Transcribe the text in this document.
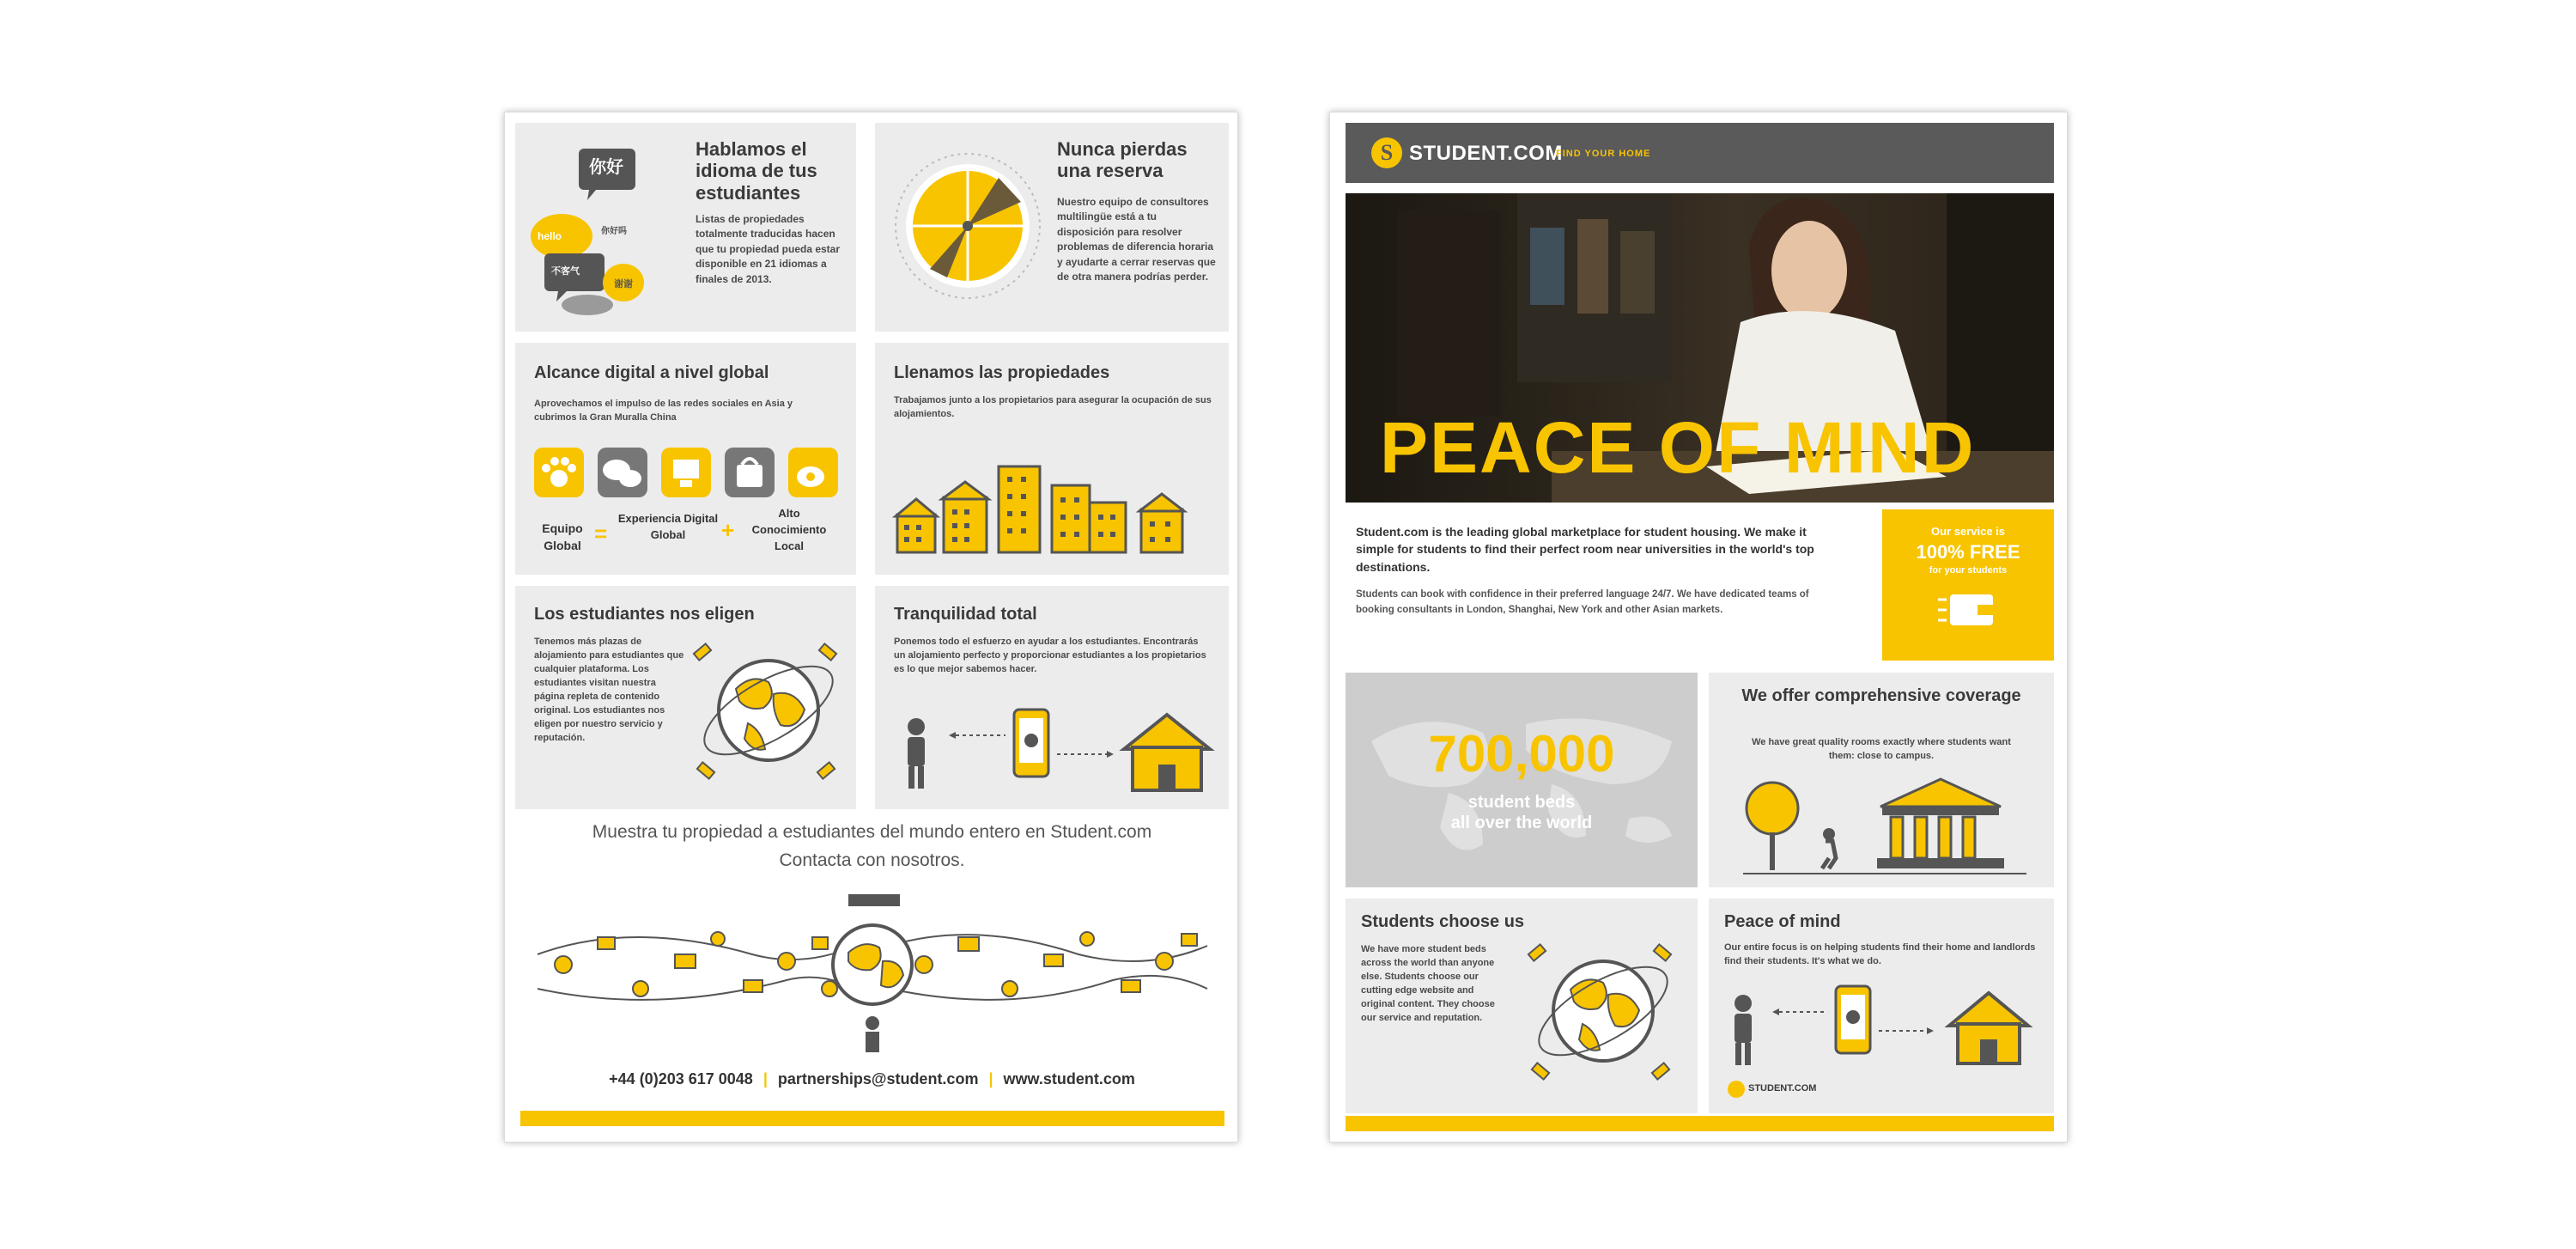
你好
hello	你好吗
不客气
谢谢
Hablamos el idioma de tus estudiantes
Listas de propiedades totalmente traducidas hacen que tu propiedad pueda estar disponible en 21 idiomas a finales de 2013.
Nunca pierdas una reserva
Nuestro equipo de consultores multilingüe está a tu disposición para resolver problemas de diferencia horaria y ayudarte a cerrar reservas que de otra manera podrías perder.
Alcance digital a nivel global
Aprovechamos el impulso de las redes sociales en Asia y cubrimos la Gran Muralla China
Equipo Global =
Experiencia Digital Global	+
Alto Conocimiento Local
Llenamos las propiedades
Trabajamos junto a los propietarios para asegurar la ocupación de sus alojamientos.
Los estudiantes nos eligen
Tenemos más plazas de alojamiento para estudiantes que cualquier plataforma. Los estudiantes visitan nuestra página repleta de contenido original. Los estudiantes nos eligen por nuestro servicio y reputación.
Tranquilidad total
Ponemos todo el esfuerzo en ayudar a los estudiantes. Encontrarás un alojamiento perfecto y proporcionar estudiantes a los propietarios es lo que mejor sabemos hacer.
Muestra tu propiedad a estudiantes del mundo entero en Student.com
Contacta con nosotros.
+44 (0)203 617 0048 | partnerships@student.com | www.student.com
S STUDENT.COM
FIND YOUR HOME
PEACE OF MIND
Student.com is the leading global marketplace for student housing. We make it simple for students to find their perfect room near universities in the world's top destinations.
Students can book with confidence in their preferred language 24/7. We have dedicated teams of booking consultants in London, Shanghai, New York and other Asian markets.
Our service is
100% FREE
for your students
700,000
student beds
all over the world
We offer comprehensive coverage
We have great quality rooms exactly where students want them: close to campus.
Students choose us
We have more student beds across the world than anyone else. Students choose our cutting edge website and original content. They choose our service and reputation.
Peace of mind
Our entire focus is on helping students find their home and landlords find their students. It's what we do.
STUDENT.COM
